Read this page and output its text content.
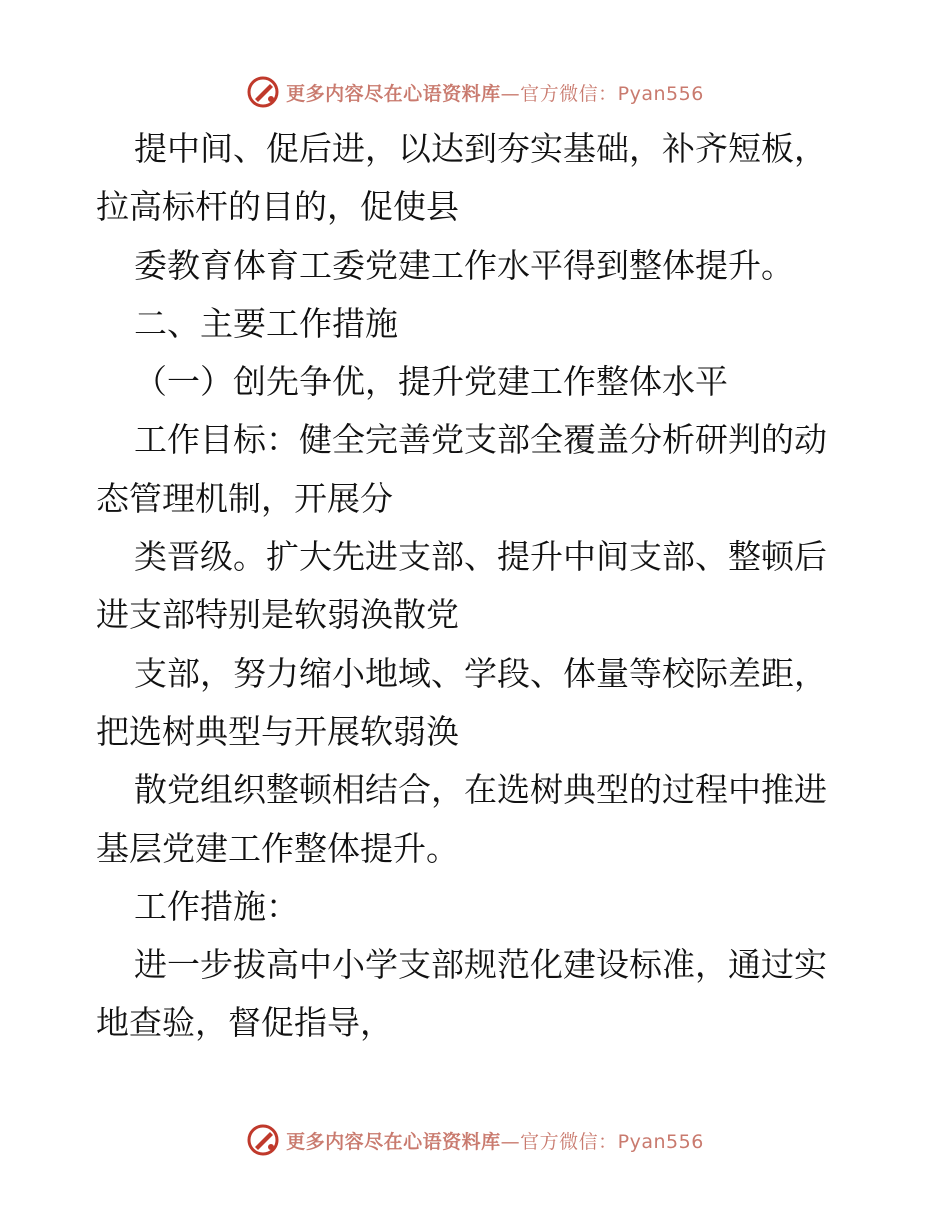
更多内容尽在心语资料库—官方微信：Pyan556
提中间、促后进，以达到夯实基础，补齐短板，
拉高标杆的目的，促使县
委教育体育工委党建工作水平得到整体提升。
二、主要工作措施
（一）创先争优，提升党建工作整体水平
工作目标：健全完善党支部全覆盖分析研判的动
态管理机制，开展分
类晋级。扩大先进支部、提升中间支部、整顿后
进支部特别是软弱涣散党
支部，努力缩小地域、学段、体量等校际差距，
把选树典型与开展软弱涣
散党组织整顿相结合，在选树典型的过程中推进
基层党建工作整体提升。
工作措施：
进一步拔高中小学支部规范化建设标准，通过实
地查验，督促指导，
更多内容尽在心语资料库—官方微信：Pyan556
